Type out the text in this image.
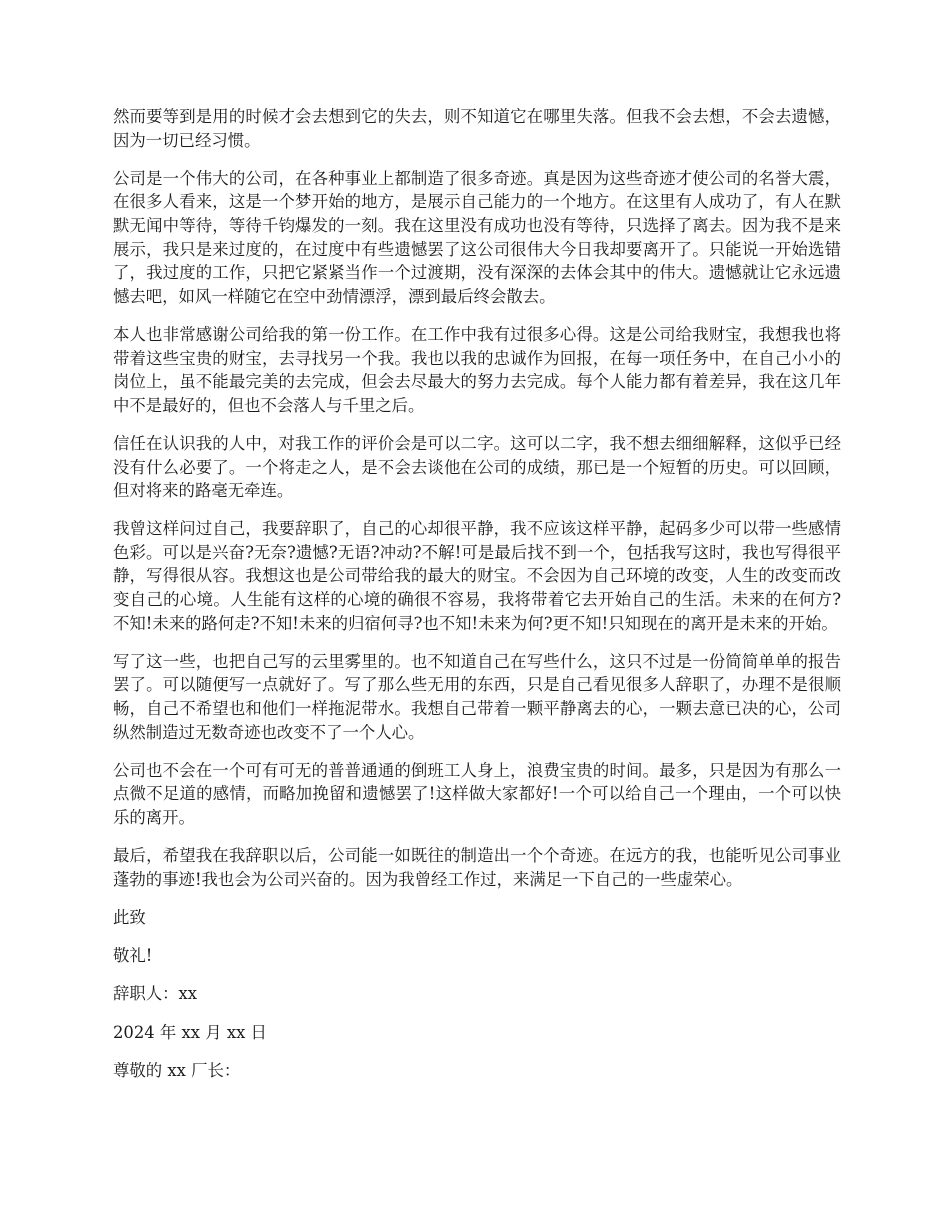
然而要等到是用的时候才会去想到它的失去，则不知道它在哪里失落。但我不会去想，不会去遗憾，因为一切已经习惯。

公司是一个伟大的公司，在各种事业上都制造了很多奇迹。真是因为这些奇迹才使公司的名誉大震，在很多人看来，这是一个梦开始的地方，是展示自己能力的一个地方。在这里有人成功了，有人在默默无闻中等待，等待千钧爆发的一刻。我在这里没有成功也没有等待，只选择了离去。因为我不是来展示，我只是来过度的，在过度中有些遗憾罢了这公司很伟大今日我却要离开了。只能说一开始选错了，我过度的工作，只把它紧紧当作一个过渡期，没有深深的去体会其中的伟大。遗憾就让它永远遗憾去吧，如风一样随它在空中劲情漂浮，漂到最后终会散去。

本人也非常感谢公司给我的第一份工作。在工作中我有过很多心得。这是公司给我财宝，我想我也将带着这些宝贵的财宝，去寻找另一个我。我也以我的忠诚作为回报，在每一项任务中，在自己小小的岗位上，虽不能最完美的去完成，但会去尽最大的努力去完成。每个人能力都有着差异，我在这几年中不是最好的，但也不会落人与千里之后。

信任在认识我的人中，对我工作的评价会是可以二字。这可以二字，我不想去细细解释，这似乎已经没有什么必要了。一个将走之人，是不会去谈他在公司的成绩，那已是一个短暂的历史。可以回顾，但对将来的路毫无牵连。

我曾这样问过自己，我要辞职了，自己的心却很平静，我不应该这样平静，起码多少可以带一些感情色彩。可以是兴奋?无奈?遗憾?无语?冲动?不解!可是最后找不到一个，包括我写这时，我也写得很平静，写得很从容。我想这也是公司带给我的最大的财宝。不会因为自己环境的改变，人生的改变而改变自己的心境。人生能有这样的心境的确很不容易，我将带着它去开始自己的生活。未来的在何方?不知!未来的路何走?不知!未来的归宿何寻?也不知!未来为何?更不知!只知现在的离开是未来的开始。

写了这一些，也把自己写的云里雾里的。也不知道自己在写些什么，这只不过是一份简简单单的报告罢了。可以随便写一点就好了。写了那么些无用的东西，只是自己看见很多人辞职了，办理不是很顺畅，自己不希望也和他们一样拖泥带水。我想自己带着一颗平静离去的心，一颗去意已决的心，公司纵然制造过无数奇迹也改变不了一个人心。

公司也不会在一个可有可无的普普通通的倒班工人身上，浪费宝贵的时间。最多，只是因为有那么一点微不足道的感情，而略加挽留和遗憾罢了!这样做大家都好!一个可以给自己一个理由，一个可以快乐的离开。

最后，希望我在我辞职以后，公司能一如既往的制造出一个个奇迹。在远方的我，也能听见公司事业蓬勃的事迹!我也会为公司兴奋的。因为我曾经工作过，来满足一下自己的一些虚荣心。

此致

敬礼!

辞职人：xx

2024 年 xx 月 xx 日

尊敬的 xx 厂长：
